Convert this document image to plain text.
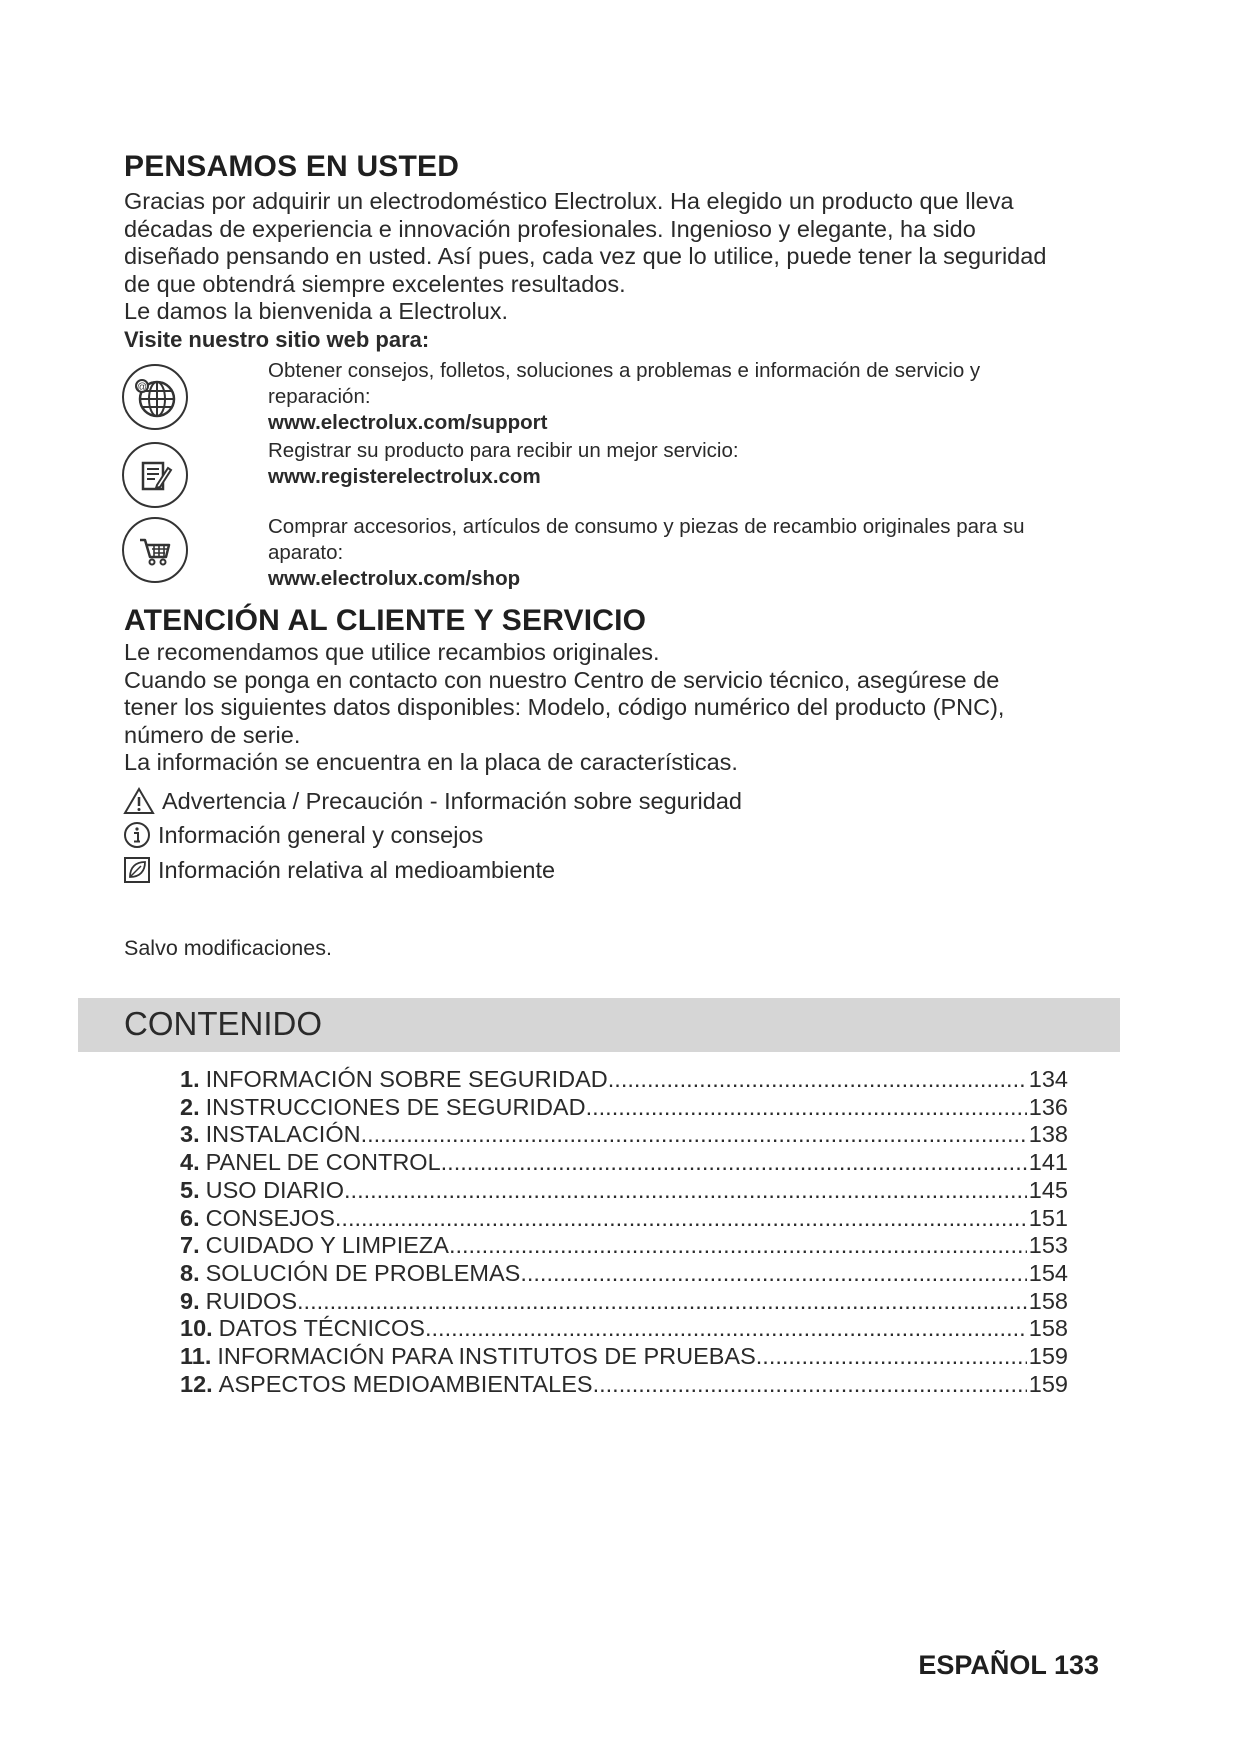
PENSAMOS EN USTED

Gracias por adquirir un electrodoméstico Electrolux. Ha elegido un producto que lleva

décadas de experiencia e innovación profesionales. Ingenioso y elegante, ha sido

diseñado pensando en usted. Así pues, cada vez que lo utilice, puede tener la seguridad

de que obtendrá siempre excelentes resultados.

Le damos la bienvenida a Electrolux.

Visite nuestro sitio web para:

@
Obtener consejos, folletos, soluciones a problemas e información de servicio y
reparación:
www.electrolux.com/support
Registrar su producto para recibir un mejor servicio:
www.registerelectrolux.com
Comprar accesorios, artículos de consumo y piezas de recambio originales para su
aparato:
www.electrolux.com/shop
ATENCIÓN AL CLIENTE Y SERVICIO

Le recomendamos que utilice recambios originales.

Cuando se ponga en contacto con nuestro Centro de servicio técnico, asegúrese de

tener los siguientes datos disponibles: Modelo, código numérico del producto (PNC),

número de serie.

La información se encuentra en la placa de características.

Advertencia / Precaución - Información sobre seguridad
Información general y consejos
Información relativa al medioambiente
Salvo modificaciones.
CONTENIDO
1. INFORMACIÓN SOBRE SEGURIDAD .....	134
2. INSTRUCCIONES DE SEGURIDAD .....	136
3. INSTALACIÓN .....	138
4. PANEL DE CONTROL .....	141
5. USO DIARIO .....	145
6. CONSEJOS .....	151
7. CUIDADO Y LIMPIEZA .....	153
8. SOLUCIÓN DE PROBLEMAS .....	154
9. RUIDOS .....	158
10. DATOS TÉCNICOS .....	158
11. INFORMACIÓN PARA INSTITUTOS DE PRUEBAS .....	159
12. ASPECTOS MEDIOAMBIENTALES .....	159
ESPAÑOL 133
